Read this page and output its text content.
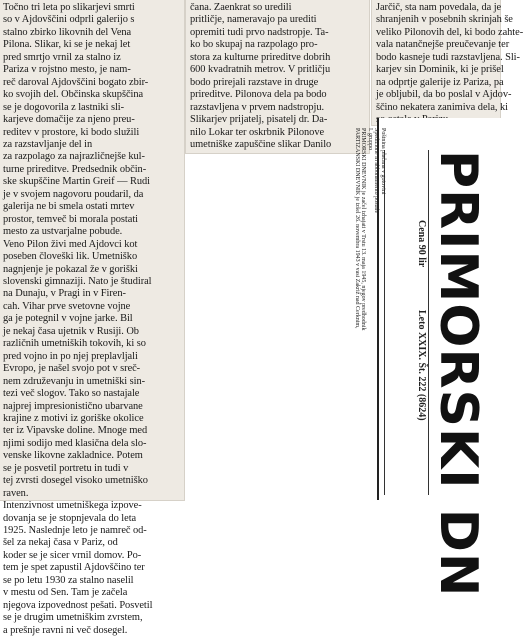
Točno tri leta po slikarjevi smrti
so v Ajdovščini odprli galerijo s
stalno zbirko likovnih del Vena
Pilona. Slikar, ki se je nekaj let
pred smrtjo vrnil za stalno iz
Pariza v rojstno mesto, je nam-
reč daroval Ajdovščini bogato zbir-
ko svojih del. Občinska skupščina
se je dogovorila z lastniki sli-
karjeve domačije za njeno preu-
reditev v prostore, ki bodo služili
za razstavljanje del in
za razpolago za najrazličnejše kul-
turne prireditve. Predsednik občin-
ske skupščine Martin Greif — Rudi
je v svojem nagovoru poudaril, da
galerija ne bi smela ostati mrtev
prostor, temveč bi morala postati
mesto za ustvarjalne pobude.
Veno Pilon živi med Ajdovci kot
poseben človeški lik. Umetniško
nagnjenje je pokazal že v goriški
slovenski gimnaziji. Nato je študiral
na Dunaju, v Pragi in v Firen-
cah. Vihar prve svetovne vojne
ga je potegnil v vojne jarke. Bil
je nekaj časa ujetnik v Rusiji. Ob
različnih umetniških tokovih, ki so
pred vojno in po njej preplavljali
Evropo, je našel svojo pot v sreč-
nem združevanju in umetniški sin-
tezi več slogov. Tako so nastajale
najprej impresionistično ubarvane
krajine z motivi iz goriške okolice
ter iz Vipavske doline. Mnoge med
njimi sodijo med klasična dela slo-
venske likovne zakladnice. Potem
se je posvetil portretu in tudi v
tej zvrsti dosegel visoko umetniško
raven.
Intenzivnost umetniškega izpove-
dovanja se je stopnjevala do leta
1925. Naslednje leto je namreč od-
šel za nekaj časa v Pariz, od
koder se je sicer vrnil domov. Po-
tem je spet zapustil Ajdovščino ter
se po letu 1930 za stalno naselil
v mestu od Sen. Tam je začela
njegova izpovednost pešati. Posvetil
se je drugim umetniškim zvrstem,
a prešnje ravni ni več dosegel.
čana. Zaenkrat so uredili
pritličje, nameravajo pa urediti
opremiti tudi prvo nadstropje. Ta-
ko bo skupaj na razpolago pro-
stora za kulturne prireditve dobrih
600 kvadratnih metrov. V pritličju
bodo prirejali razstave in druge
prireditve. Pilonova dela pa bodo
razstavljena v prvem nadstropju.
Slikarjev prijatelj, pisatelj dr. Da-
nilo Lokar ter oskrbnik Pilonove
umetniške zapuščine slikar Danilo
Jarčič, sta nam povedala, da je
shranjenih v posebnih skrinjah še
veliko Pilonovih del, ki bodo zahte-
vala natančnejše preučevanje ter
bodo kasneje tudi razstavljena. Sli-
karjev sin Dominik, ki je prišel
na odprtje galerije iz Pariza, pa
je obljubil, da bo poslal v Ajdov-
ščino nekatera zanimiva dela, ki
Poštnina plačana v gotovini
Spedizione in abbonamento postale
I. gruppo
PRIMORSKI DNEVNIK je začel izhajati v Trstu 13. maja 1945, njegov predhodnik
PARTIZANSKI DNEVNIK je izšel 26. novembra 1943 v vasi Zakriž nad Cerknim,
Leto XXIX. Št. 222 (8624)
Cena 90 lir PRIMORSKI DN
